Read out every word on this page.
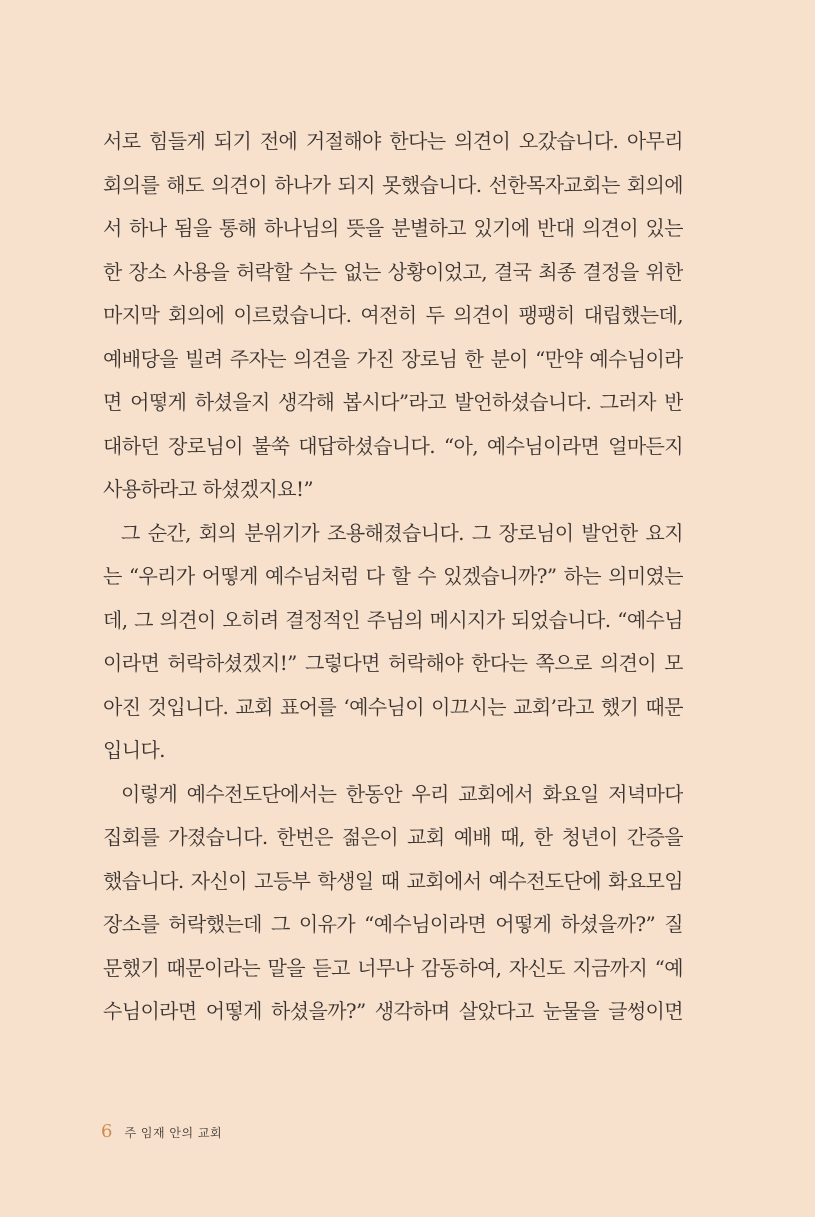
서로 힘들게 되기 전에 거절해야 한다는 의견이 오갔습니다. 아무리
회의를 해도 의견이 하나가 되지 못했습니다. 선한목자교회는 회의에
서 하나 됨을 통해 하나님의 뜻을 분별하고 있기에 반대 의견이 있는
한 장소 사용을 허락할 수는 없는 상황이었고, 결국 최종 결정을 위한
마지막 회의에 이르렀습니다. 여전히 두 의견이 팽팽히 대립했는데,
예배당을 빌려 주자는 의견을 가진 장로님 한 분이 “만약 예수님이라
면 어떻게 하셨을지 생각해 봅시다”라고 발언하셨습니다. 그러자 반
대하던 장로님이 불쑥 대답하셨습니다. “아, 예수님이라면 얼마든지
사용하라고 하셨겠지요!”
그 순간, 회의 분위기가 조용해졌습니다. 그 장로님이 발언한 요지
는 “우리가 어떻게 예수님처럼 다 할 수 있겠습니까?” 하는 의미였는
데, 그 의견이 오히려 결정적인 주님의 메시지가 되었습니다. “예수님
이라면 허락하셨겠지!” 그렇다면 허락해야 한다는 쪽으로 의견이 모
아진 것입니다. 교회 표어를 ‘예수님이 이끄시는 교회’라고 했기 때문
입니다.
이렇게 예수전도단에서는 한동안 우리 교회에서 화요일 저녁마다
집회를 가졌습니다. 한번은 젊은이 교회 예배 때, 한 청년이 간증을
했습니다. 자신이 고등부 학생일 때 교회에서 예수전도단에 화요모임
장소를 허락했는데 그 이유가 “예수님이라면 어떻게 하셨을까?” 질
문했기 때문이라는 말을 듣고 너무나 감동하여, 자신도 지금까지 “예
수님이라면 어떻게 하셨을까?” 생각하며 살았다고 눈물을 글썽이면
6 주 임재 안의 교회
